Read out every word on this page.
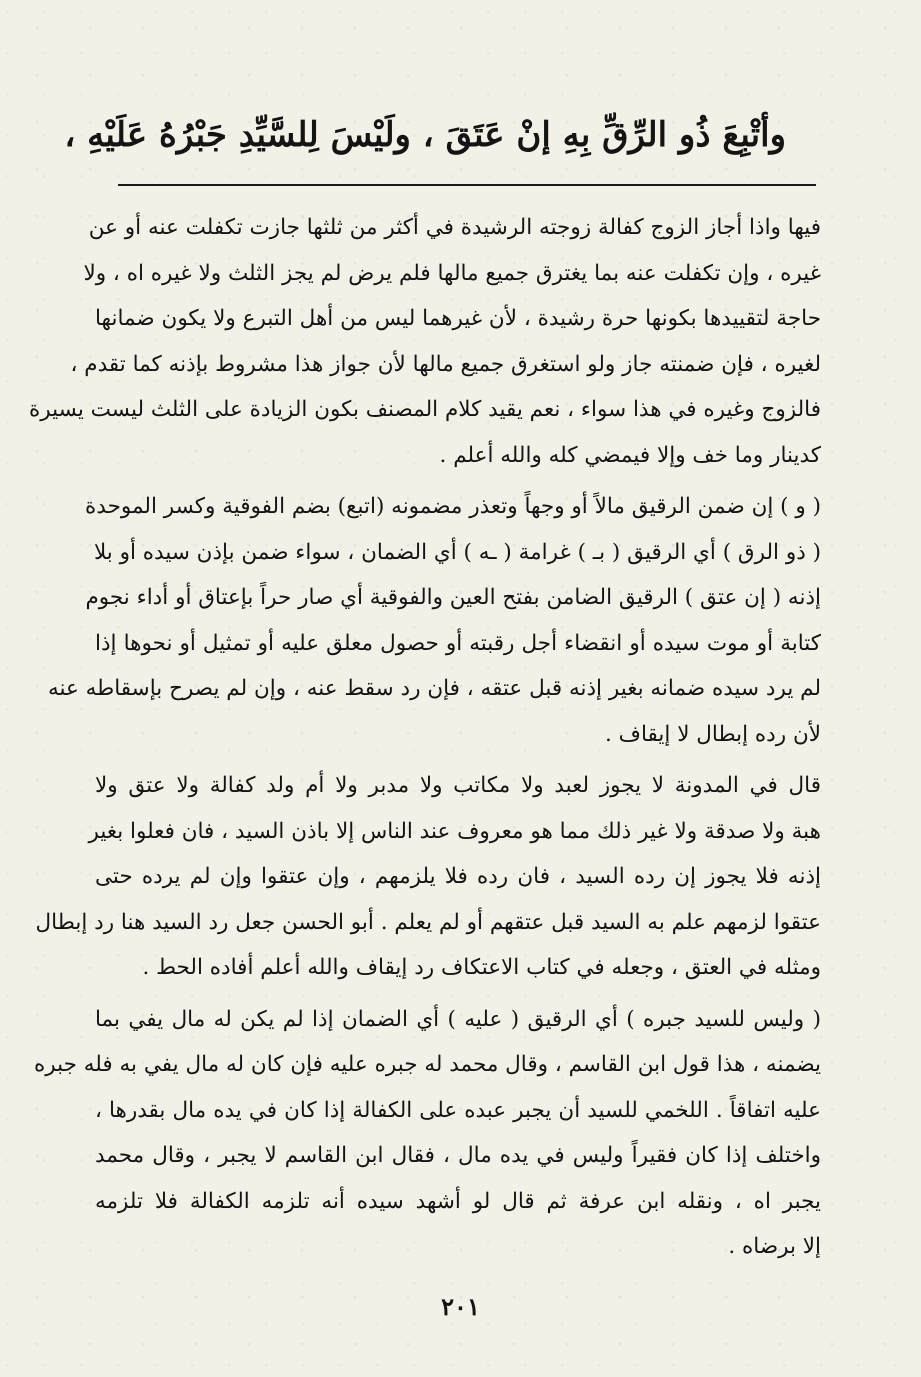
وأتْبِعَ ذُو الرِّقِّ بِهِ إنْ عَتَقَ ، ولَيْسَ لِلسَّيِّدِ جَبْرُهُ عَلَيْهِ ،
فيها واذا أجاز الزوج كفالة زوجته الرشيدة في أكثر من ثلثها جازت تكفلت عنه أو عن
غيره ، وإن تكفلت عنه بما يغترق جميع مالها فلم يرض لم يجز الثلث ولا غيره اه ، ولا
حاجة لتقييدها بكونها حرة رشيدة ، لأن غيرهما ليس من أهل التبرع ولا يكون ضمانها
لغيره ، فإن ضمنته جاز ولو استغرق جميع مالها لأن جواز هذا مشروط بإذنه كما تقدم ،
فالزوج وغيره في هذا سواء ، نعم يقيد كلام المصنف بكون الزيادة على الثلث ليست يسيرة
كدينار وما خف وإلا فيمضي كله والله أعلم .
( و ) إن ضمن الرقيق مالاً أو وجهاً وتعذر مضمونه (اتبع) بضم الفوقية وكسر الموحدة
( ذو الرق ) أي الرقيق ( بـ ) غرامة ( ـه ) أي الضمان ، سواء ضمن بإذن سيده أو بلا
إذنه ( إن عتق ) الرقيق الضامن بفتح العين والفوقية أي صار حراً بإعتاق أو أداء نجوم
كتابة أو موت سيده أو انقضاء أجل رقبته أو حصول معلق عليه أو تمثيل أو نحوها إذا
لم يرد سيده ضمانه بغير إذنه قبل عتقه ، فإن رد سقط عنه ، وإن لم يصرح بإسقاطه عنه
لأن رده إبطال لا إيقاف .
قال في المدونة لا يجوز لعبد ولا مكاتب ولا مدبر ولا أم ولد كفالة ولا عتق ولا
هبة ولا صدقة ولا غير ذلك مما هو معروف عند الناس إلا باذن السيد ، فان فعلوا بغير
إذنه فلا يجوز إن رده السيد ، فان رده فلا يلزمهم ، وإن عتقوا وإن لم يرده حتى
عتقوا لزمهم علم به السيد قبل عتقهم أو لم يعلم . أبو الحسن جعل رد السيد هنا رد إبطال
ومثله في العتق ، وجعله في كتاب الاعتكاف رد إيقاف والله أعلم أفاده الحط .
( وليس للسيد جبره ) أي الرقيق ( عليه ) أي الضمان إذا لم يكن له مال يفي بما
يضمنه ، هذا قول ابن القاسم ، وقال محمد له جبره عليه فإن كان له مال يفي به فله جبره
عليه اتفاقاً . اللخمي للسيد أن يجبر عبده على الكفالة إذا كان في يده مال بقدرها ،
واختلف إذا كان فقيراً وليس في يده مال ، فقال ابن القاسم لا يجبر ، وقال محمد
يجبر اه ، ونقله ابن عرفة ثم قال لو أشهد سيده أنه تلزمه الكفالة فلا تلزمه
إلا برضاه .
٢٠١
